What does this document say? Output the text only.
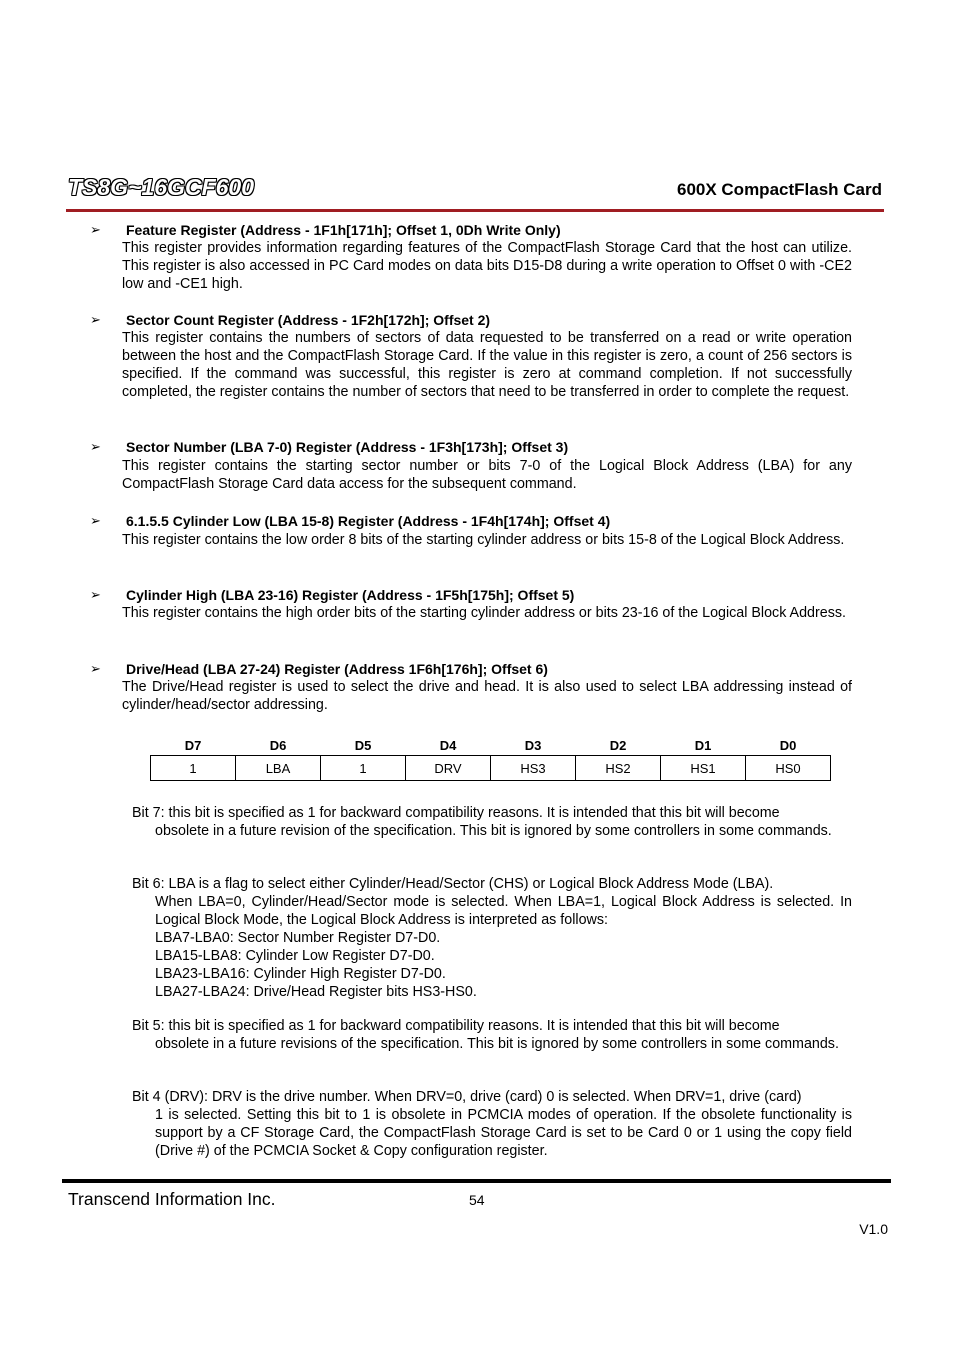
TS8G~16GCF600	600X CompactFlash Card
➢ Feature Register (Address - 1F1h[171h]; Offset 1, 0Dh Write Only)
This register provides information regarding features of the CompactFlash Storage Card that the host can utilize. This register is also accessed in PC Card modes on data bits D15-D8 during a write operation to Offset 0 with -CE2 low and -CE1 high.
➢ Sector Count Register (Address - 1F2h[172h]; Offset 2)
This register contains the numbers of sectors of data requested to be transferred on a read or write operation between the host and the CompactFlash Storage Card. If the value in this register is zero, a count of 256 sectors is specified. If the command was successful, this register is zero at command completion. If not successfully completed, the register contains the number of sectors that need to be transferred in order to complete the request.
➢ Sector Number (LBA 7-0) Register (Address - 1F3h[173h]; Offset 3)
This register contains the starting sector number or bits 7-0 of the Logical Block Address (LBA) for any CompactFlash Storage Card data access for the subsequent command.
➢ 6.1.5.5 Cylinder Low (LBA 15-8) Register (Address - 1F4h[174h]; Offset 4)
This register contains the low order 8 bits of the starting cylinder address or bits 15-8 of the Logical Block Address.
➢ Cylinder High (LBA 23-16) Register (Address - 1F5h[175h]; Offset 5)
This register contains the high order bits of the starting cylinder address or bits 23-16 of the Logical Block Address.
➢ Drive/Head (LBA 27-24) Register (Address 1F6h[176h]; Offset 6)
The Drive/Head register is used to select the drive and head. It is also used to select LBA addressing instead of cylinder/head/sector addressing.
D7	D6	D5	D4	D3	D2	D1	D0
1	LBA	1	DRV	HS3	HS2	HS1	HS0
Bit 7: this bit is specified as 1 for backward compatibility reasons. It is intended that this bit will become
obsolete in a future revision of the specification. This bit is ignored by some controllers in some commands.
Bit 6: LBA is a flag to select either Cylinder/Head/Sector (CHS) or Logical Block Address Mode (LBA).
When LBA=0, Cylinder/Head/Sector mode is selected. When LBA=1, Logical Block Address is selected. In Logical Block Mode, the Logical Block Address is interpreted as follows:
LBA7-LBA0: Sector Number Register D7-D0.
LBA15-LBA8: Cylinder Low Register D7-D0.
LBA23-LBA16: Cylinder High Register D7-D0.
LBA27-LBA24: Drive/Head Register bits HS3-HS0.
Bit 5: this bit is specified as 1 for backward compatibility reasons. It is intended that this bit will become
obsolete in a future revisions of the specification. This bit is ignored by some controllers in some commands.
Bit 4 (DRV): DRV is the drive number. When DRV=0, drive (card) 0 is selected. When DRV=1, drive (card)
1 is selected. Setting this bit to 1 is obsolete in PCMCIA modes of operation. If the obsolete functionality is support by a CF Storage Card, the CompactFlash Storage Card is set to be Card 0 or 1 using the copy field (Drive #) of the PCMCIA Socket & Copy configuration register.
Transcend Information Inc.	54
V1.0
